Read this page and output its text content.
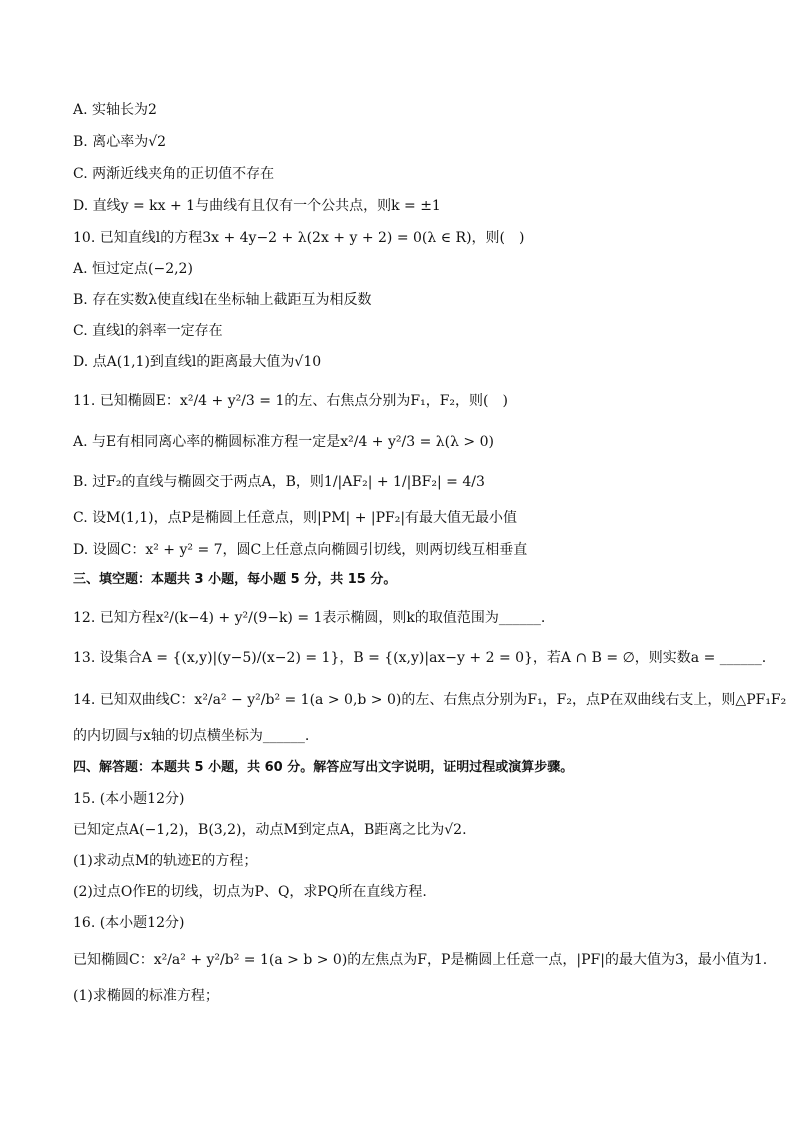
A. 实轴长为2
B. 离心率为√2
C. 两渐近线夹角的正切值不存在
D. 直线y = kx + 1与曲线有且仅有一个公共点，则k = ±1
10. 已知直线l的方程3x + 4y−2 + λ(2x + y + 2) = 0(λ ∈ R)，则(　)
A. 恒过定点(−2,2)
B. 存在实数λ使直线l在坐标轴上截距互为相反数
C. 直线l的斜率一定存在
D. 点A(1,1)到直线l的距离最大值为√10
11. 已知椭圆E：x²/4 + y²/3 = 1的左、右焦点分别为F₁，F₂，则(　)
A. 与E有相同离心率的椭圆标准方程一定是x²/4 + y²/3 = λ(λ > 0)
B. 过F₂的直线与椭圆交于两点A，B，则1/|AF₂| + 1/|BF₂| = 4/3
C. 设M(1,1)，点P是椭圆上任意点，则|PM| + |PF₂|有最大值无最小值
D. 设圆C：x² + y² = 7，圆C上任意点向椭圆引切线，则两切线互相垂直
三、填空题：本题共 3 小题，每小题 5 分，共 15 分。
12. 已知方程x²/(k−4) + y²/(9−k) = 1表示椭圆，则k的取值范围为______.
13. 设集合A = {(x,y)|(y−5)/(x−2) = 1}，B = {(x,y)|ax−y + 2 = 0}，若A ∩ B = ∅，则实数a = ______.
14. 已知双曲线C：x²/a² − y²/b² = 1(a > 0,b > 0)的左、右焦点分别为F₁，F₂，点P在双曲线右支上，则△PF₁F₂
的内切圆与x轴的切点横坐标为______.
四、解答题：本题共 5 小题，共 60 分。解答应写出文字说明，证明过程或演算步骤。
15. (本小题12分)
已知定点A(−1,2)，B(3,2)，动点M到定点A，B距离之比为√2.
(1)求动点M的轨迹E的方程；
(2)过点O作E的切线，切点为P、Q，求PQ所在直线方程.
16. (本小题12分)
已知椭圆C：x²/a² + y²/b² = 1(a > b > 0)的左焦点为F，P是椭圆上任意一点，|PF|的最大值为3，最小值为1.
(1)求椭圆的标准方程；
